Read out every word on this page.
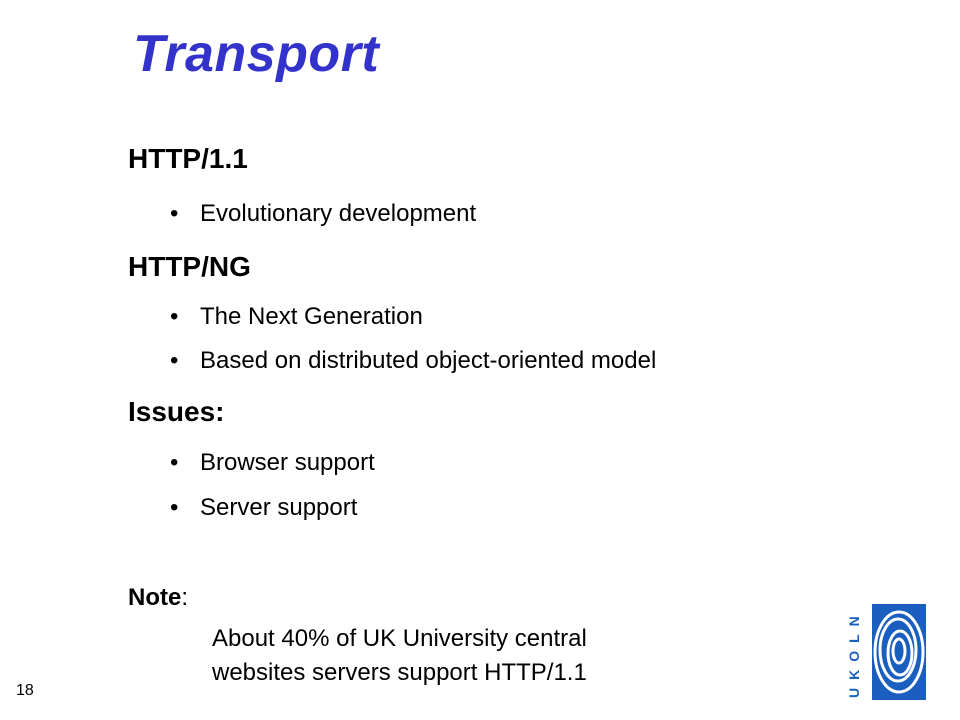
Transport
HTTP/1.1
• Evolutionary development
HTTP/NG
• The Next Generation
• Based on distributed object-oriented model
Issues:
• Browser support
• Server support
Note:
About 40% of UK University central
websites servers support HTTP/1.1
18	UKOLN
